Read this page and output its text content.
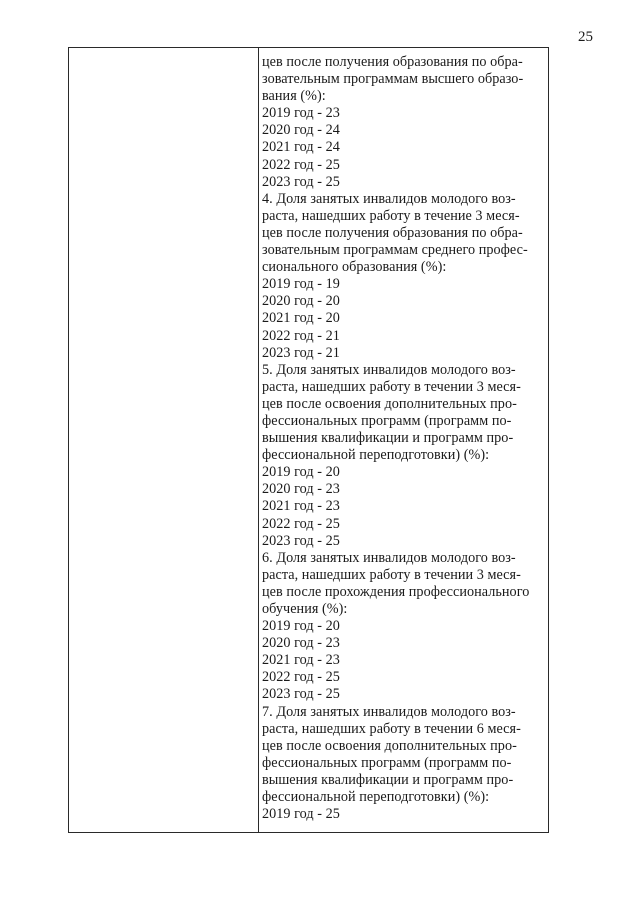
25
цев после получения образования по обра-
зовательным программам высшего образо-
вания (%):
2019 год - 23
2020 год - 24
2021 год - 24
2022 год - 25
2023 год - 25
4. Доля занятых инвалидов молодого воз-
раста, нашедших работу в течение 3 меся-
цев после получения образования по обра-
зовательным программам среднего профес-
сионального образования (%):
2019 год - 19
2020 год - 20
2021 год - 20
2022 год - 21
2023 год - 21
5. Доля занятых инвалидов молодого воз-
раста, нашедших работу в течении 3 меся-
цев после освоения дополнительных про-
фессиональных программ (программ по-
вышения квалификации и программ про-
фессиональной переподготовки) (%):
2019 год - 20
2020 год - 23
2021 год - 23
2022 год - 25
2023 год - 25
6. Доля занятых инвалидов молодого воз-
раста, нашедших работу в течении 3 меся-
цев после прохождения профессионального
обучения (%):
2019 год - 20
2020 год - 23
2021 год - 23
2022 год - 25
2023 год - 25
7. Доля занятых инвалидов молодого воз-
раста, нашедших работу в течении 6 меся-
цев после освоения дополнительных про-
фессиональных программ (программ по-
вышения квалификации и программ про-
фессиональной переподготовки) (%):
2019 год - 25
